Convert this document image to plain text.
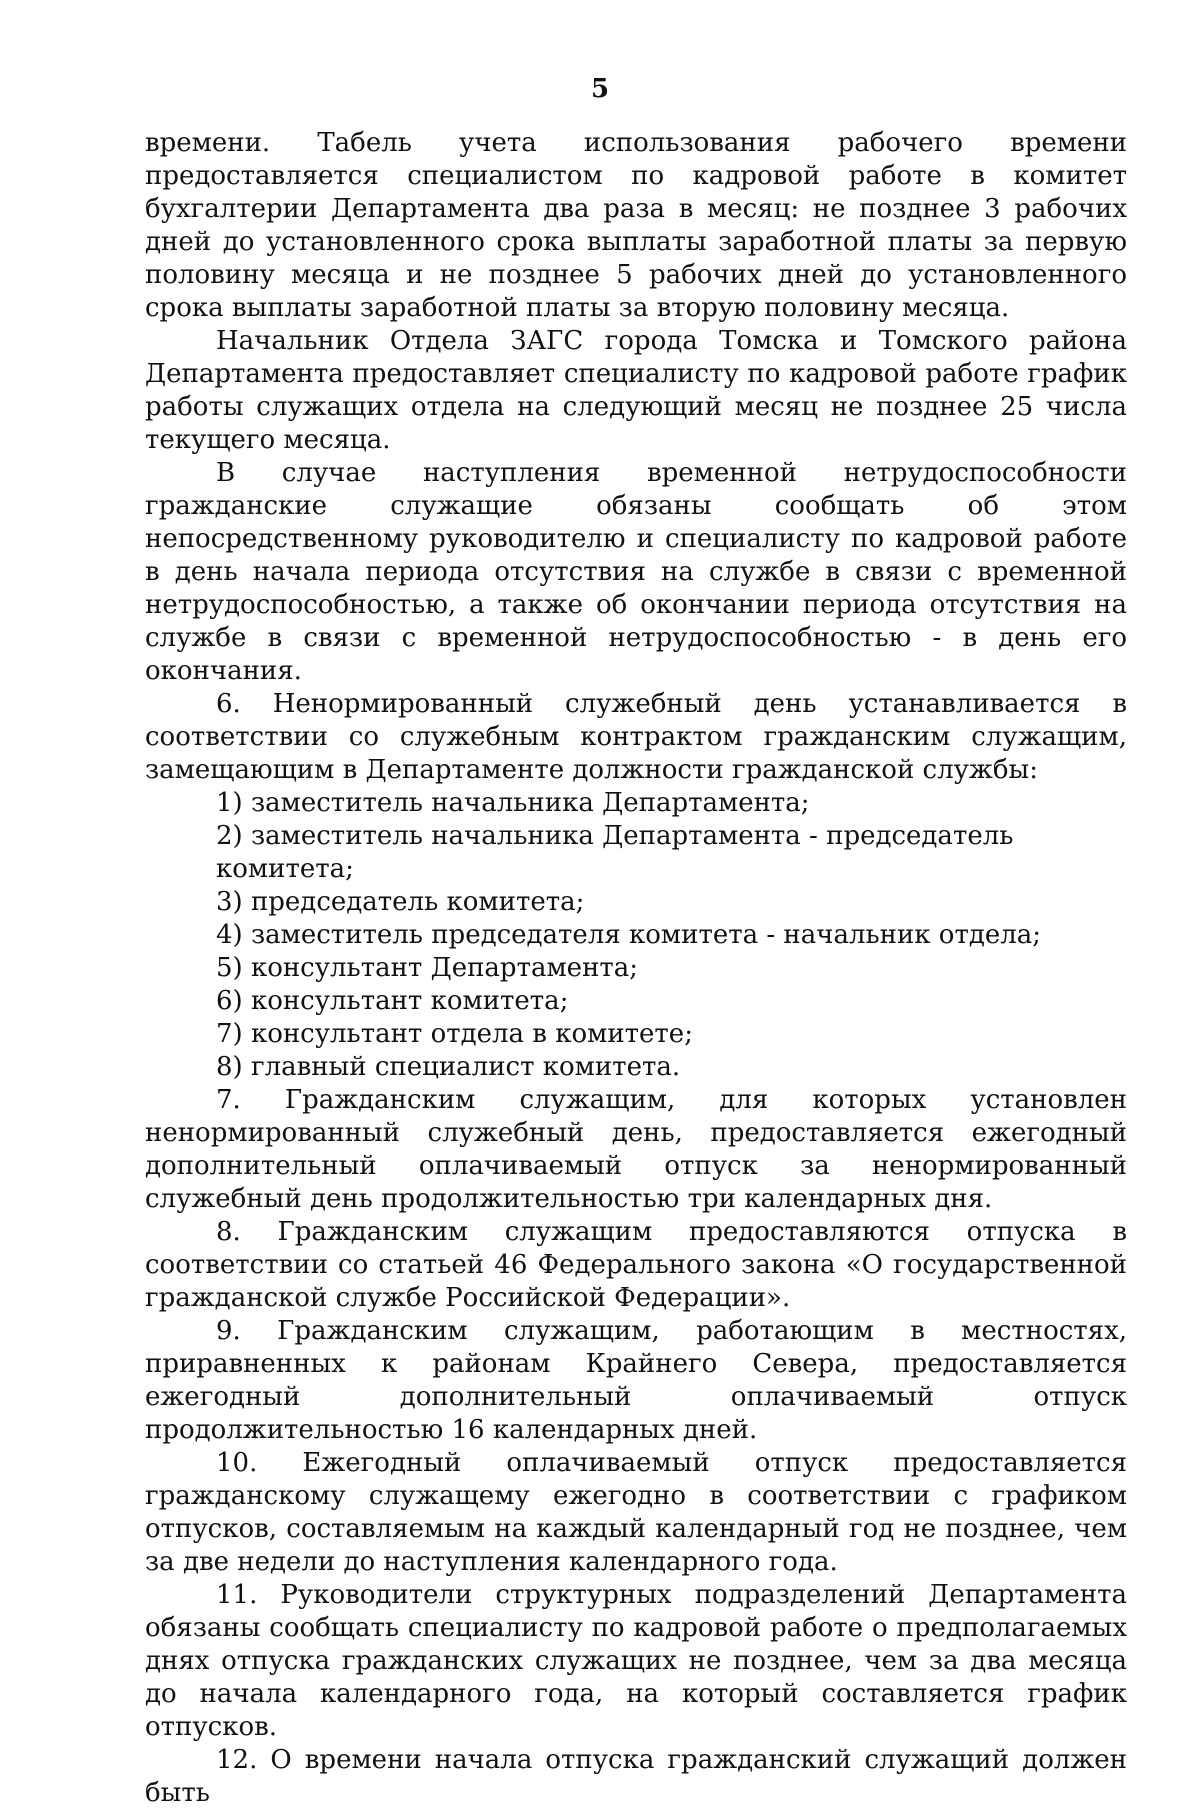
5

времени. Табель учета использования рабочего времени предоставляется специалистом по кадровой работе в комитет бухгалтерии Департамента два раза в месяц: не позднее 3 рабочих дней до установленного срока выплаты заработной платы за первую половину месяца и не позднее 5 рабочих дней до установленного срока выплаты заработной платы за вторую половину месяца.

Начальник Отдела ЗАГС города Томска и Томского района Департамента предоставляет специалисту по кадровой работе график работы служащих отдела на следующий месяц не позднее 25 числа текущего месяца.

В случае наступления временной нетрудоспособности гражданские служащие обязаны сообщать об этом непосредственному руководителю и специалисту по кадровой работе в день начала периода отсутствия на службе в связи с временной нетрудоспособностью, а также об окончании периода отсутствия на службе в связи с временной нетрудоспособностью - в день его окончания.

6. Ненормированный служебный день устанавливается в соответствии со служебным контрактом гражданским служащим, замещающим в Департаменте должности гражданской службы:

1) заместитель начальника Департамента;

2) заместитель начальника Департамента - председатель комитета;

3) председатель комитета;

4) заместитель председателя комитета - начальник отдела;

5) консультант Департамента;

6) консультант комитета;

7) консультант отдела в комитете;

8) главный специалист комитета.

7. Гражданским служащим, для которых установлен ненормированный служебный день, предоставляется ежегодный дополнительный оплачиваемый отпуск за ненормированный служебный день продолжительностью три календарных дня.

8. Гражданским служащим предоставляются отпуска в соответствии со статьей 46 Федерального закона «О государственной гражданской службе Российской Федерации».

9. Гражданским служащим, работающим в местностях, приравненных к районам Крайнего Севера, предоставляется ежегодный дополнительный оплачиваемый отпуск продолжительностью 16 календарных дней.

10. Ежегодный оплачиваемый отпуск предоставляется гражданскому служащему ежегодно в соответствии с графиком отпусков, составляемым на каждый календарный год не позднее, чем за две недели до наступления календарного года.

11. Руководители структурных подразделений Департамента обязаны сообщать специалисту по кадровой работе о предполагаемых днях отпуска гражданских служащих не позднее, чем за два месяца до начала календарного года, на который составляется график отпусков.

12. О времени начала отпуска гражданский служащий должен быть
